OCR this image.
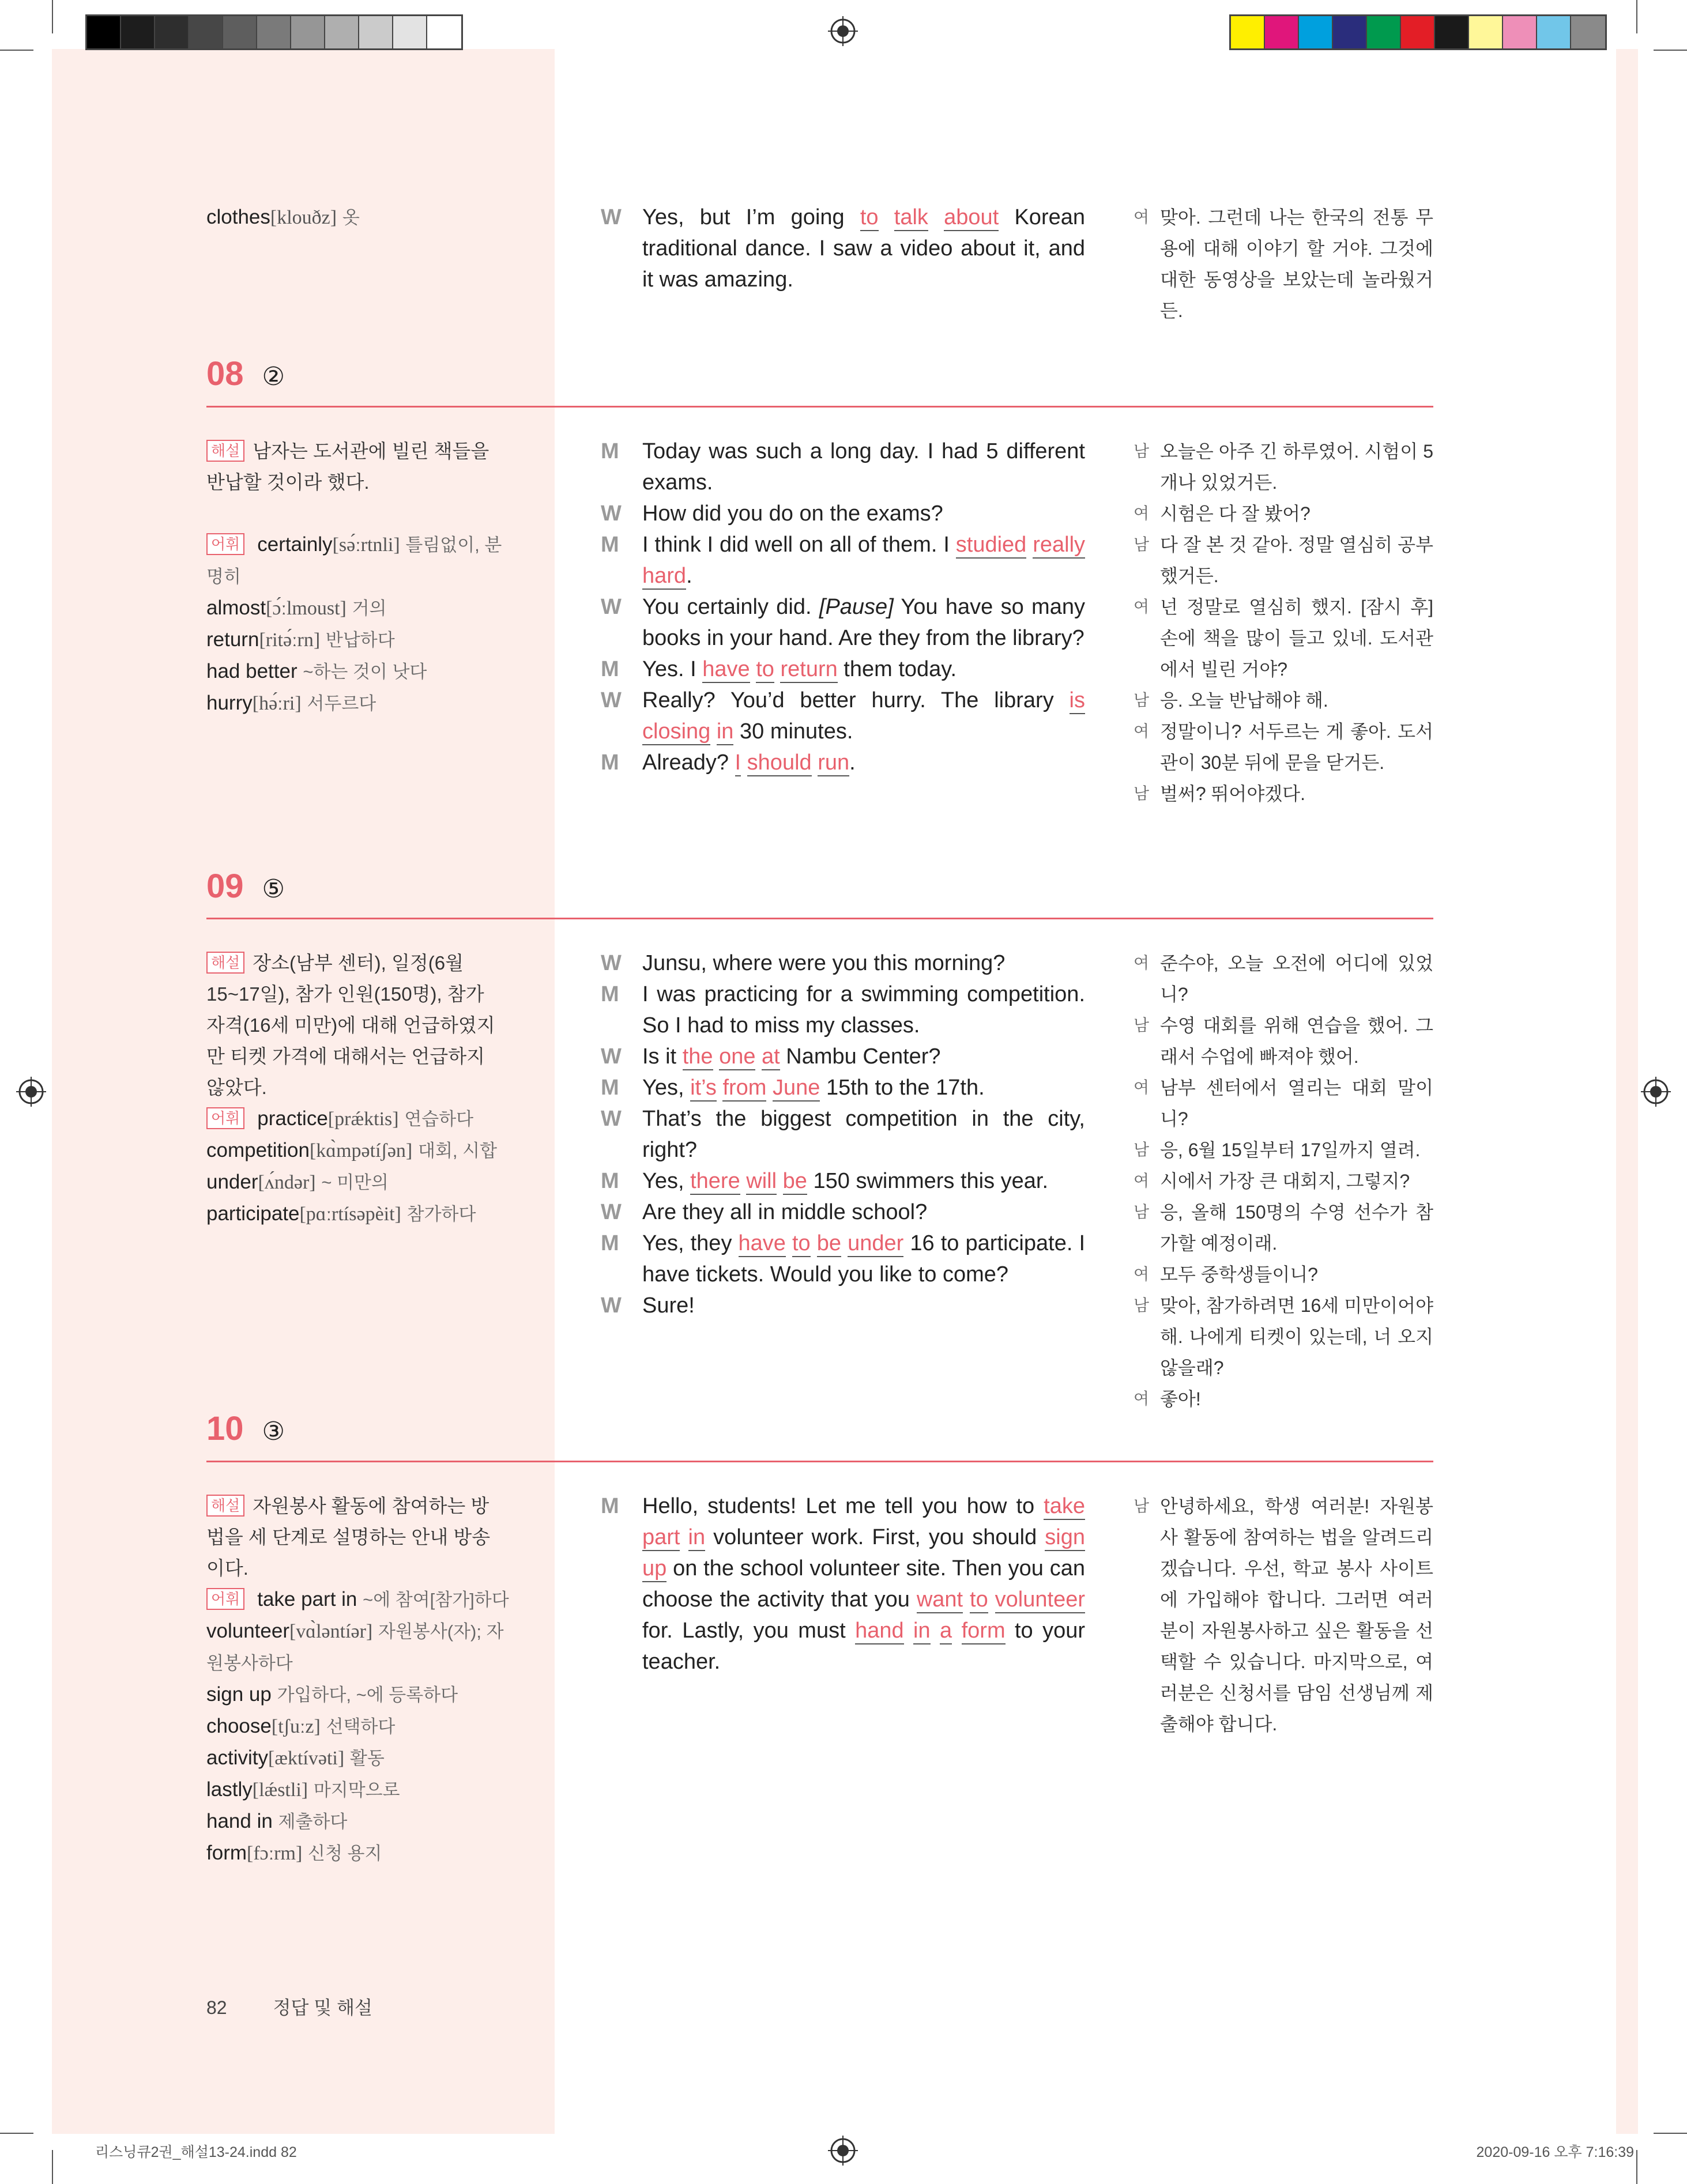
clothes[klouðz] 옷	W Yes, but I’m going to talk about Korean traditional dance. I saw a video about it, and it was amazing.
여 맞아. 그런데 나는 한국의 전통 무용에 대해 이야기 할 거야. 그것에 대한 동영상을 보았는데 놀라웠거든.
08 ②
해설 남자는 도서관에 빌린 책들을 반납할 것이라 했다.
어휘 certainly[sə́ːrtnli] 틀림없이, 분명히
almost[ɔ́ːlmoust] 거의
return[ritə́ːrn] 반납하다
had better ~하는 것이 낫다
hurry[hə́ːri] 서두르다
M	Today was such a long day. I had 5 different exams.
W How did you do on the exams?
M	I think I did well on all of them. I studied really hard.
W You certainly did. [Pause] You have so many books in your hand. Are they from the library?
M	Yes. I have to return them today.
W Really? You’d better hurry. The library is closing in 30 minutes.
M	Already? I should run.
남 오늘은 아주 긴 하루였어. 시험이 5개나 있었거든.
여 시험은 다 잘 봤어?
남 다 잘 본 것 같아. 정말 열심히 공부했거든.
여 넌 정말로 열심히 했지. [잠시 후] 손에 책을 많이 들고 있네. 도서관에서 빌린 거야?
남 응. 오늘 반납해야 해.
여 정말이니? 서두르는 게 좋아. 도서관이 30분 뒤에 문을 닫거든.
남 벌써? 뛰어야겠다.
09 ⑤
해설 장소(남부 센터), 일정(6월 15~17일), 참가 인원(150명), 참가 자격(16세 미만)에 대해 언급하였지만 티켓 가격에 대해서는 언급하지 않았다.
어휘 practice[prǽktis] 연습하다
competition[kɑ̀mpətíʃən] 대회, 시합
under[ʌ́ndər] ~ 미만의
participate[pɑːrtísəpèit] 참가하다
W Junsu, where were you this morning?
M	I was practicing for a swimming competition. So I had to miss my classes.
W Is it the one at Nambu Center?
M	Yes, it’s from June 15th to the 17th.
W That’s the biggest competition in the city, right?
M	Yes, there will be 150 swimmers this year.
W Are they all in middle school?
M	Yes, they have to be under 16 to participate. I have tickets. Would you like to come?
W Sure!
여 준수야, 오늘 오전에 어디에 있었니?
남 수영 대회를 위해 연습을 했어. 그래서 수업에 빠져야 했어.
여 남부 센터에서 열리는 대회 말이니?
남 응, 6월 15일부터 17일까지 열려.
여 시에서 가장 큰 대회지, 그렇지?
남 응, 올해 150명의 수영 선수가 참가할 예정이래.
여 모두 중학생들이니?
남 맞아, 참가하려면 16세 미만이어야 해. 나에게 티켓이 있는데, 너 오지 않을래?
여 좋아!
10 ③
해설 자원봉사 활동에 참여하는 방법을 세 단계로 설명하는 안내 방송이다.
어휘 take part in ~에 참여[참가]하다
volunteer[vɑ̀ləntíər] 자원봉사(자); 자원봉사하다
sign up 가입하다, ~에 등록하다
choose[tʃuːz] 선택하다
activity[æktívəti] 활동
lastly[lǽstli] 마지막으로
hand in 제출하다
form[fɔːrm] 신청 용지
M	Hello, students! Let me tell you how to take part in volunteer work. First, you should sign up on the school volunteer site. Then you can choose the activity that you want to volunteer for. Lastly, you must hand in a form to your teacher.
남 안녕하세요, 학생 여러분! 자원봉사 활동에 참여하는 법을 알려드리겠습니다. 우선, 학교 봉사 사이트에 가입해야 합니다. 그러면 여러분이 자원봉사하고 싶은 활동을 선택할 수 있습니다. 마지막으로, 여러분은 신청서를 담임 선생님께 제출해야 합니다.
82	정답 및 해설
리스닝큐2권_해설13-24.indd 82	2020-09-16 오후 7:16:39
